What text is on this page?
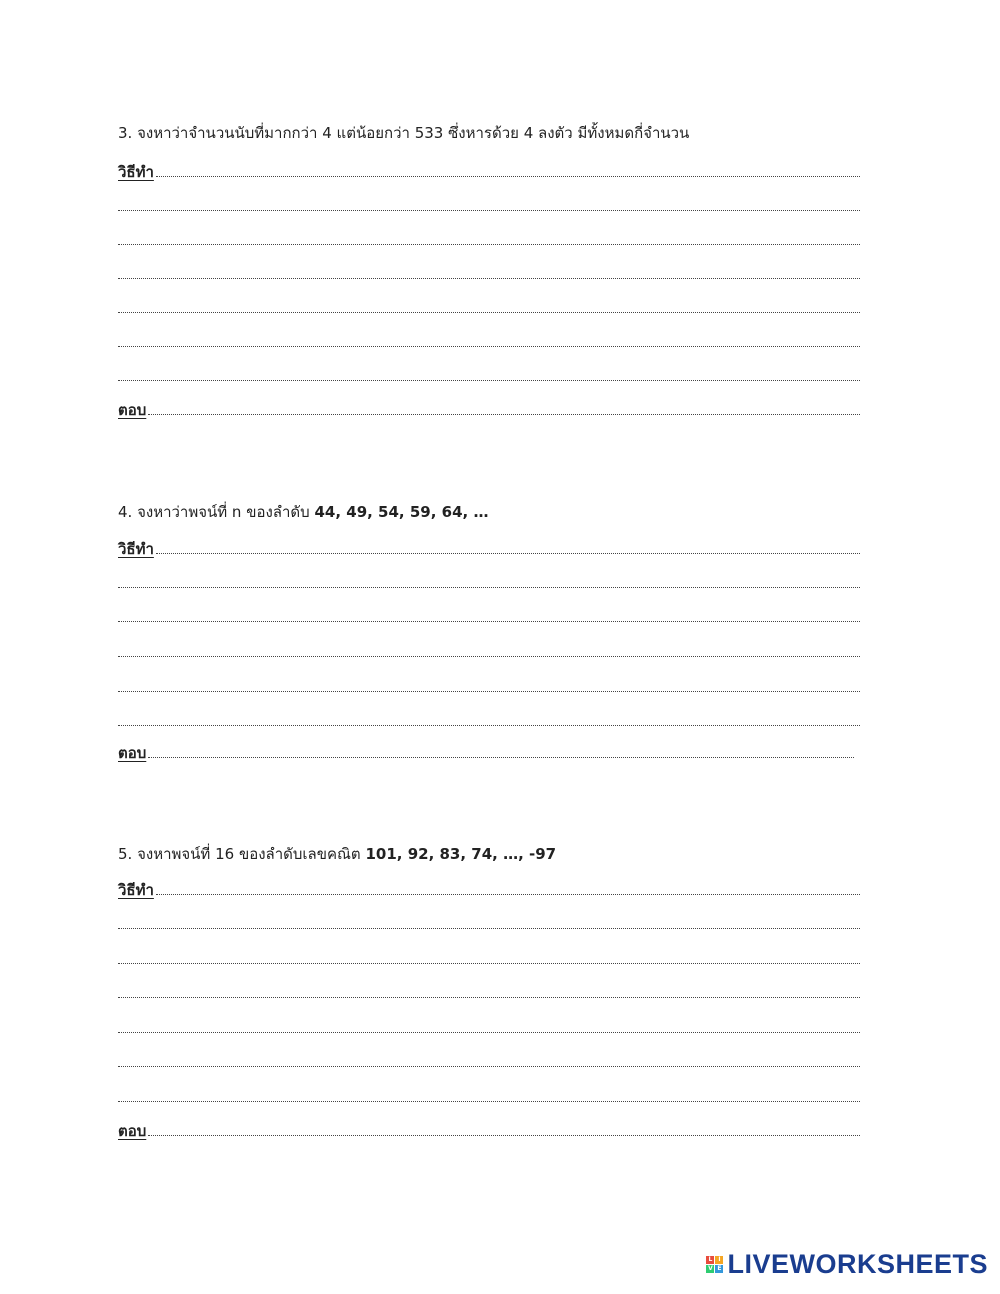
3. จงหาว่าจำนวนนับที่มากกว่า 4 แต่น้อยกว่า 533 ซึ่งหารด้วย 4 ลงตัว มีทั้งหมดกี่จำนวน
วิธีทำ
ตอบ
4. จงหาว่าพจน์ที่ n ของลำดับ 44, 49, 54, 59, 64, …
วิธีทำ
ตอบ
5. จงหาพจน์ที่ 16 ของลำดับเลขคณิต 101, 92, 83, 74, …, -97
วิธีทำ
ตอบ
L I
V E LIVEWORKSHEETS
